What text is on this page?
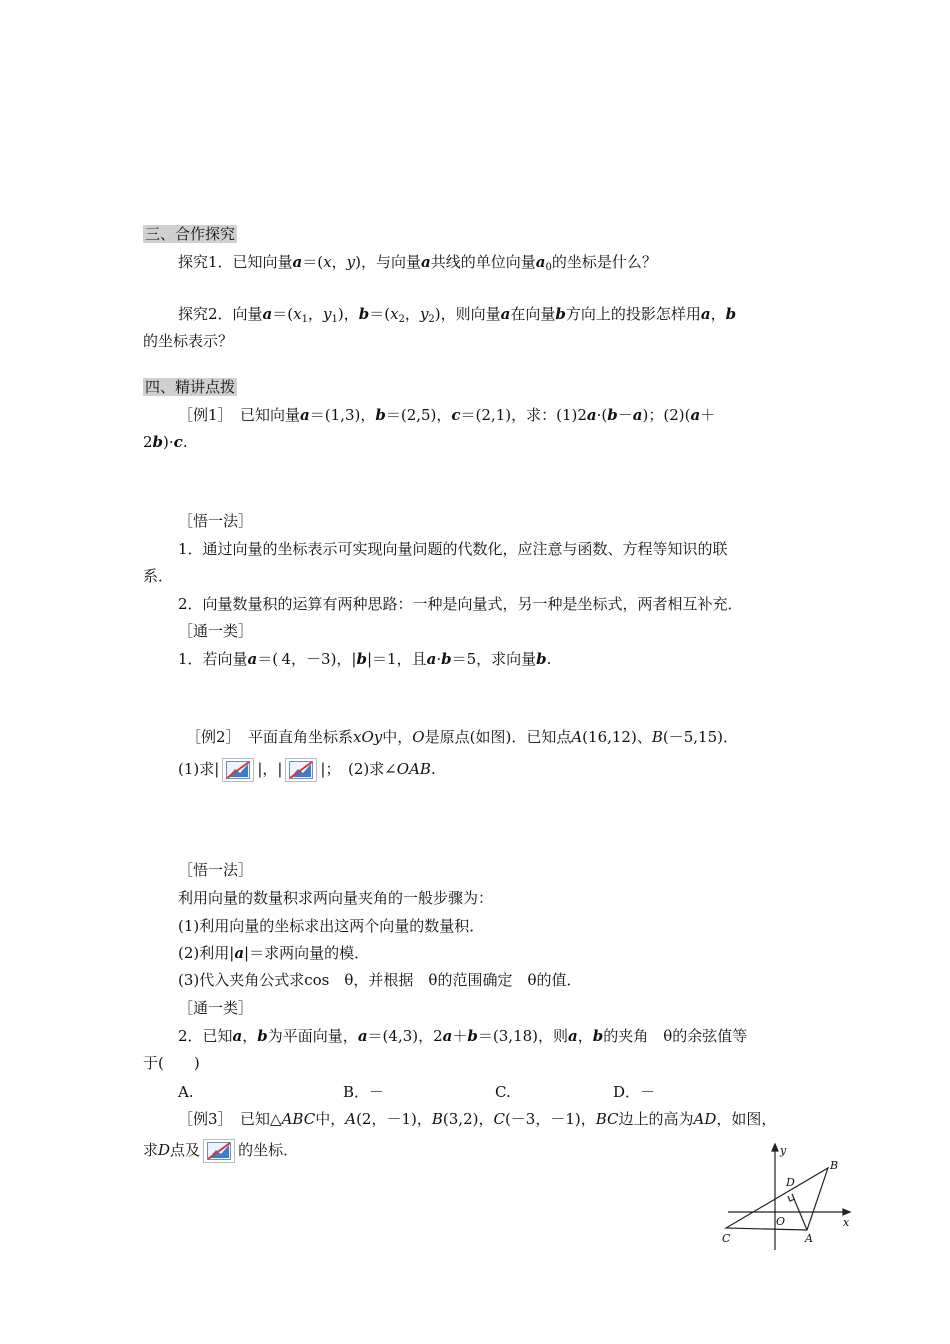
三、合作探究
探究1．已知向量a＝(x，y)，与向量a共线的单位向量$a_0$的坐标是什么？
探究2．向量$a=(x_1$，$y_1$)，$b=(x_2$，$y_2$)，则向量a在向量b方向上的投影怎样用a，b
的坐标表示？
四、精讲点拨
［例1］　已知向量a＝(1,3)，b＝(2,5)，c＝(2,1)，求：(1)2a·(b－a)；(2)(a＋
2b)·c.
［悟一法］
1．通过向量的坐标表示可实现向量问题的代数化，应注意与函数、方程等知识的联
系．
2．向量数量积的运算有两种思路：一种是向量式，另一种是坐标式，两者相互补充．
［通一类］
1．若向量a＝(ˏ4，－3)，|b|＝1，且a·b＝5，求向量b.
［例2］　平面直角坐标系xOy中，O是原点(如图)．已知点A(16,12)、B(－5,15)．
(1)求|	|，|	|；　(2)求∠OAB.
［悟一法］
利用向量的数量积求两向量夹角的一般步骤为：
(1)利用向量的坐标求出这两个向量的数量积．
(2)利用|a|＝求两向量的模．
(3)代入夹角公式求cos　θ，并根据　θ的范围确定　θ的值．
［通一类］
2．已知a，b为平面向量，a＝(4,3)，2a＋b＝(3,18)，则a，b的夹角　θ的余弦值等
于(　　)
A.	B．－	C.	D．－
［例3］　已知△ABC中，A(2，－1)，B(3,2)，C(－3，－1)，BC边上的高为AD，如图，
求D点及	的坐标．	y
x
O
A
B
C
D
